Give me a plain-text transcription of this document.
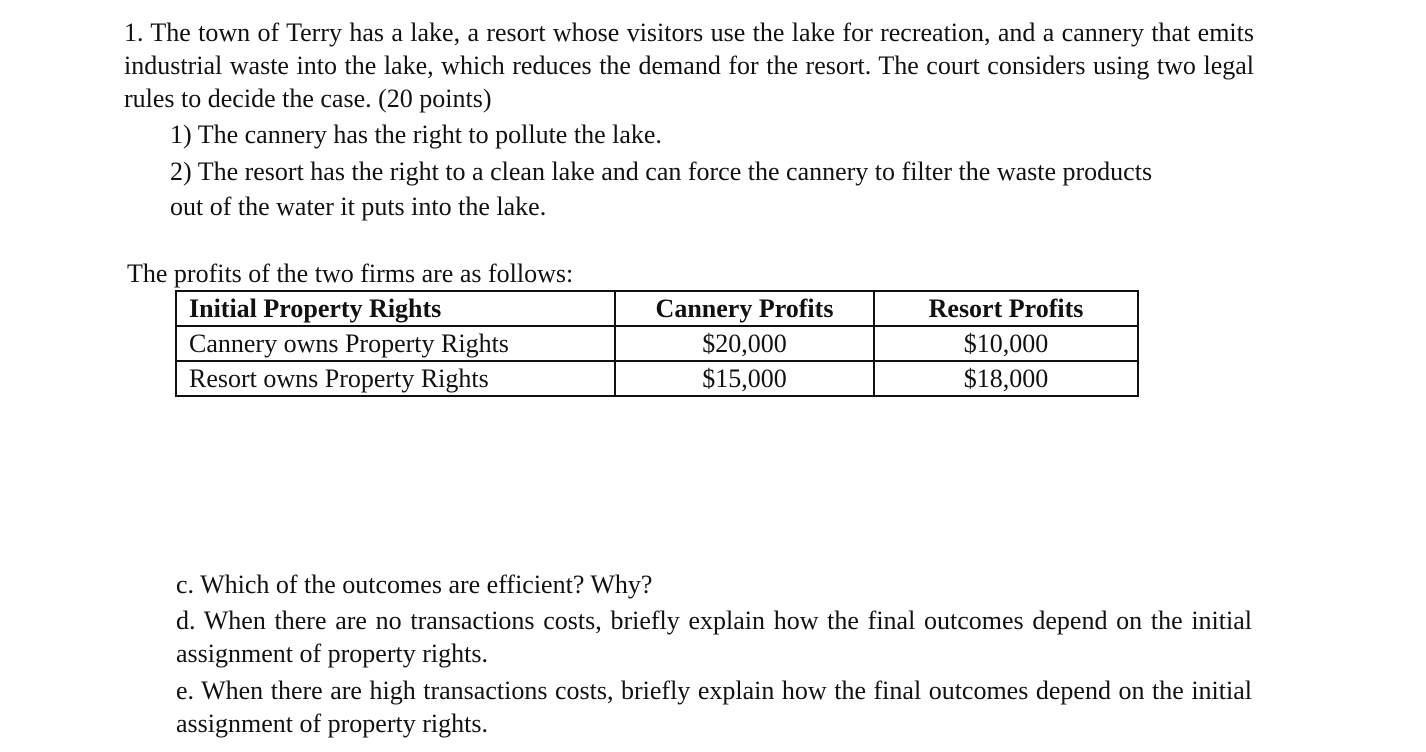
1. The town of Terry has a lake, a resort whose visitors use the lake for recreation, and a cannery that emits industrial waste into the lake, which reduces the demand for the resort. The court considers using two legal rules to decide the case. (20 points)
1) The cannery has the right to pollute the lake.
2) The resort has the right to a clean lake and can force the cannery to filter the waste products
out of the water it puts into the lake.
The profits of the two firms are as follows:
Initial Property Rights	Cannery Profits	Resort Profits
Cannery owns Property Rights	$20,000	$10,000
Resort owns Property Rights	$15,000	$18,000
c. Which of the outcomes are efficient? Why?
d. When there are no transactions costs, briefly explain how the final outcomes depend on the initial assignment of property rights.
e. When there are high transactions costs, briefly explain how the final outcomes depend on the initial assignment of property rights.
